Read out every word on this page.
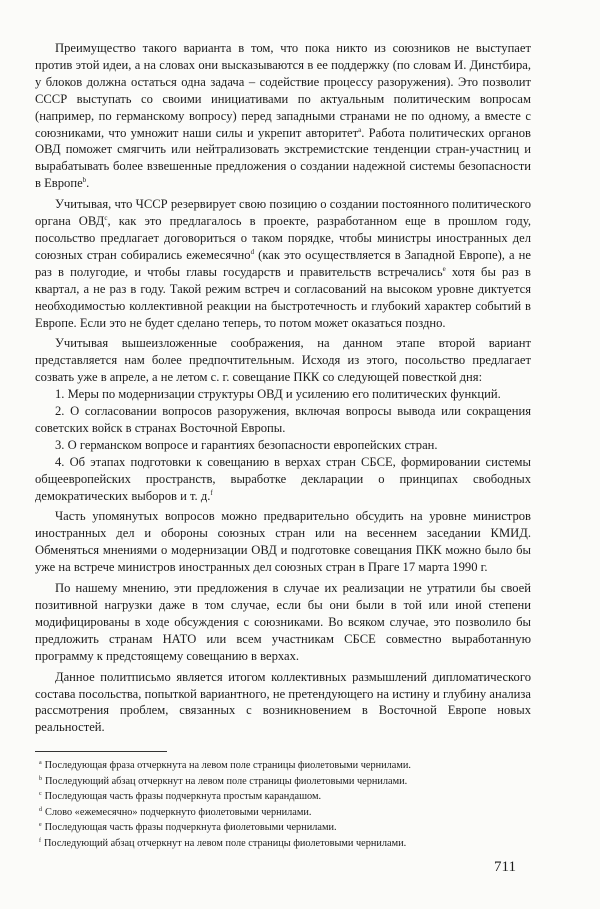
Преимущество такого варианта в том, что пока никто из союзников не выступает против этой идеи, а на словах они высказываются в ее поддержку (по словам И. Динстбира, у блоков должна остаться одна задача – содействие процессу разоружения). Это позволит СССР выступать со своими инициативами по актуальным политическим вопросам (например, по германскому вопросу) перед западными странами не по одному, а вместе с союзниками, что умножит наши силы и укрепит авторитет$^a$. Работа политических органов ОВД поможет смягчить или нейтрализовать экстремистские тенденции стран-участниц и вырабатывать более взвешенные предложения о создании надежной системы безопасности в Европе$^b$.

Учитывая, что ЧССР резервирует свою позицию о создании постоянного политического органа ОВД$^c$, как это предлагалось в проекте, разработанном еще в прошлом году, посольство предлагает договориться о таком порядке, чтобы министры иностранных дел союзных стран собирались ежемесячно$^d$ (как это осуществляется в Западной Европе), а не раз в полугодие, и чтобы главы государств и правительств встречались$^e$ хотя бы раз в квартал, а не раз в году. Такой режим встреч и согласований на высоком уровне диктуется необходимостью коллективной реакции на быстротечность и глубокий характер событий в Европе. Если это не будет сделано теперь, то потом может оказаться поздно.

Учитывая вышеизложенные соображения, на данном этапе второй вариант представляется нам более предпочтительным. Исходя из этого, посольство предлагает созвать уже в апреле, а не летом с. г. совещание ПКК со следующей повесткой дня:

1. Меры по модернизации структуры ОВД и усилению его политических функций.

2. О согласовании вопросов разоружения, включая вопросы вывода или сокращения советских войск в странах Восточной Европы.

3. О германском вопросе и гарантиях безопасности европейских стран.

4. Об этапах подготовки к совещанию в верхах стран СБСЕ, формировании системы общеевропейских пространств, выработке декларации о принципах свободных демократических выборов и т. д.$^f$

Часть упомянутых вопросов можно предварительно обсудить на уровне министров иностранных дел и обороны союзных стран или на весеннем заседании КМИД. Обменяться мнениями о модернизации ОВД и подготовке совещания ПКК можно было бы уже на встрече министров иностранных дел союзных стран в Праге 17 марта 1990 г.

По нашему мнению, эти предложения в случае их реализации не утратили бы своей позитивной нагрузки даже в том случае, если бы они были в той или иной степени модифицированы в ходе обсуждения с союзниками. Во всяком случае, это позволило бы предложить странам НАТО или всем участникам СБСЕ совместно выработанную программу к предстоящему совещанию в верхах.

Данное политписьмо является итогом коллективных размышлений дипломатического состава посольства, попыткой вариантного, не претендующего на истину и глубину анализа рассмотрения проблем, связанных с возникновением в Восточной Европе новых реальностей.

$^a$ Последующая фраза отчеркнута на левом поле страницы фиолетовыми чернилами.
$^b$ Последующий абзац отчеркнут на левом поле страницы фиолетовыми чернилами.
$^c$ Последующая часть фразы подчеркнута простым карандашом.
$^d$ Слово «ежемесячно» подчеркнуто фиолетовыми чернилами.
$^e$ Последующая часть фразы подчеркнута фиолетовыми чернилами.
$^f$ Последующий абзац отчеркнут на левом поле страницы фиолетовыми чернилами.
711
